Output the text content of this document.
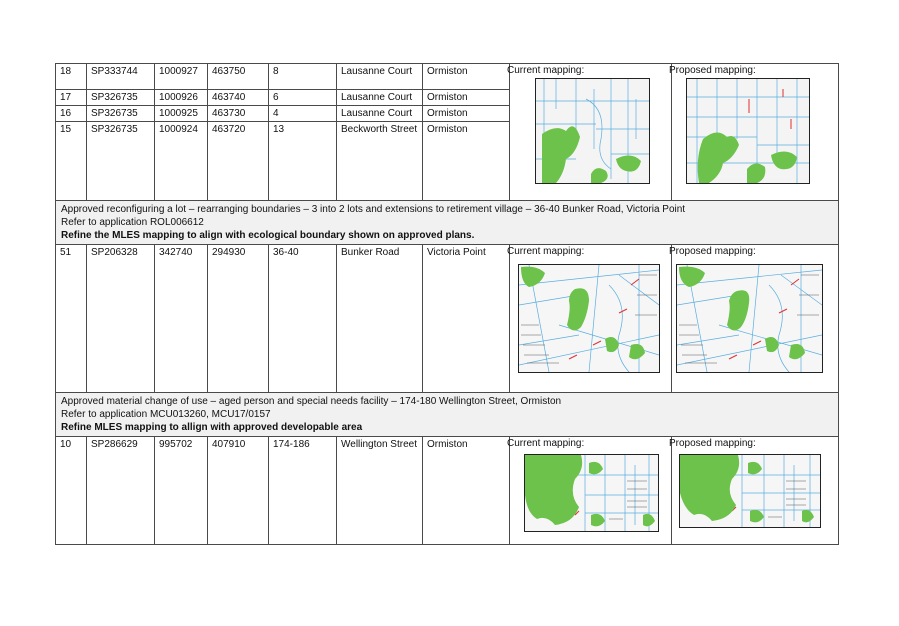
18	SP333744	1000927	463750	8	Lausanne Court	Ormiston	Current mapping:	Proposed mapping:

17	SP326735	1000926	463740	6	Lausanne Court	Ormiston		
16	SP326735	1000925	463730	4	Lausanne Court	Ormiston		
15	SP326735	1000924	463720	13	Beckworth Street	Ormiston		

Approved reconfiguring a lot – rearranging boundaries – 3 into 2 lots and extensions to retirement village – 36-40 Bunker Road, Victoria Point
Refer to application ROL006612
Refine the MLES mapping to align with ecological boundary shown on approved plans.								

51	SP206328	342740	294930	36-40	Bunker Road	Victoria Point	Current mapping:	Proposed mapping:

Approved material change of use – aged person and special needs facility – 174-180 Wellington Street, Ormiston
Refer to application MCU013260, MCU17/0157
Refine MLES mapping to allign with approved developable area								

10	SP286629	995702	407910	174-186	Wellington Street	Ormiston	Current mapping:	Proposed mapping:
